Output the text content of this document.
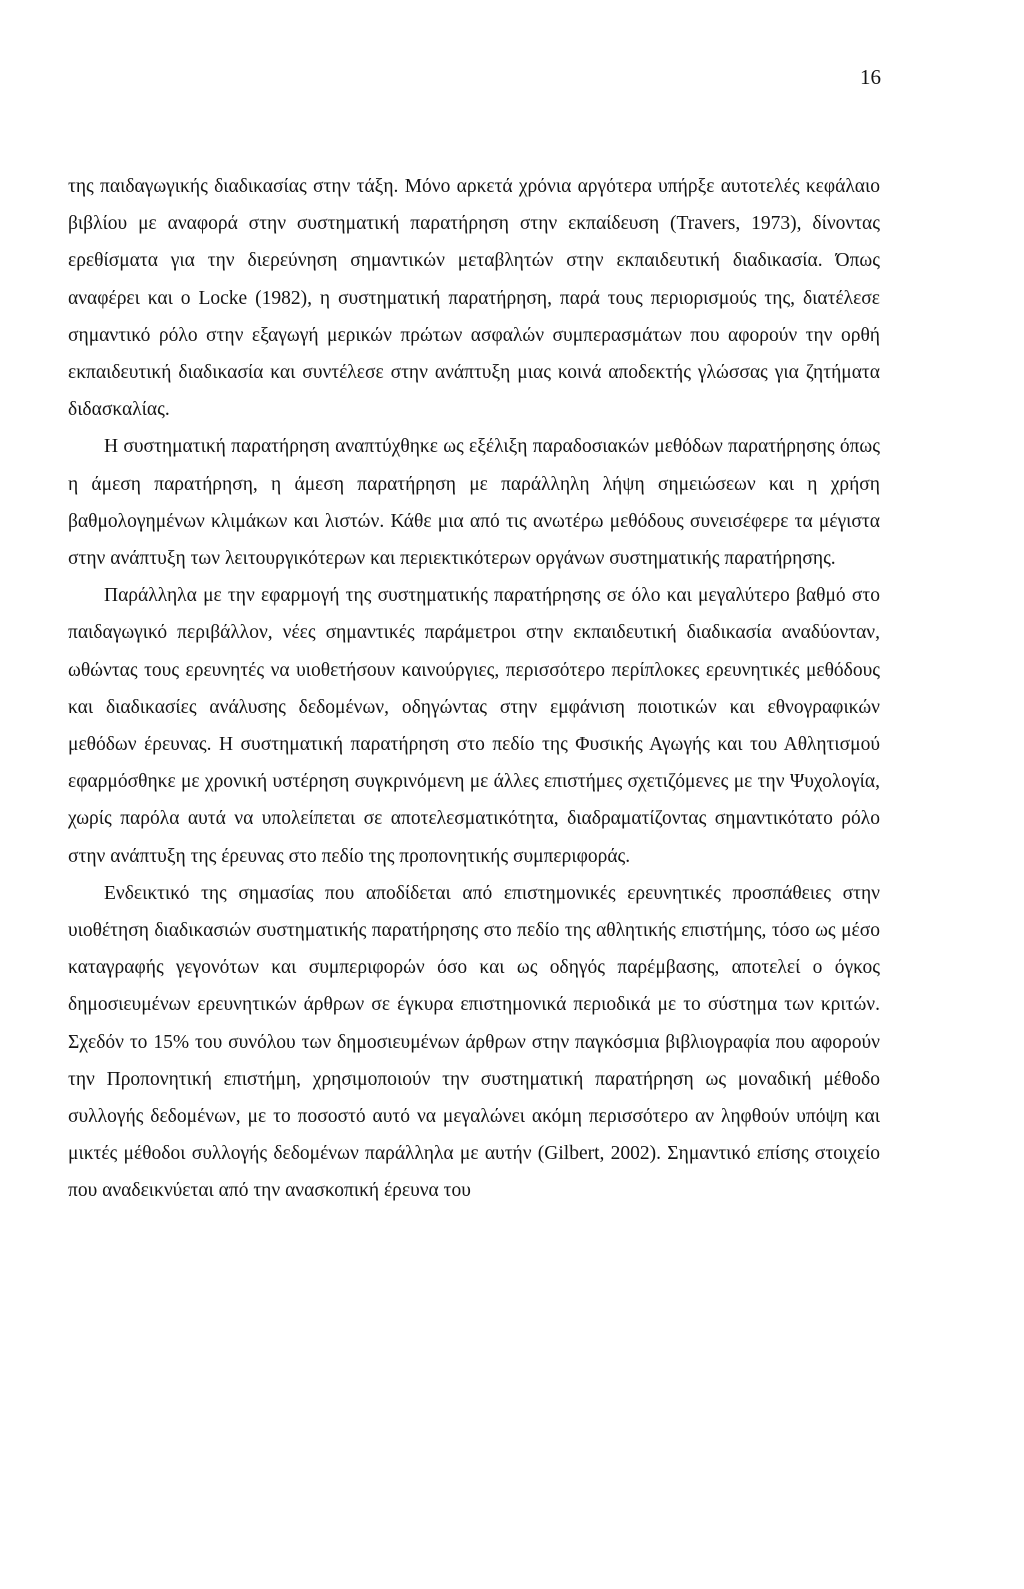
16

της παιδαγωγικής διαδικασίας στην τάξη. Μόνο αρκετά χρόνια αργότερα υπήρξε αυτοτελές κεφάλαιο βιβλίου με αναφορά στην συστηματική παρατήρηση στην εκπαίδευση (Travers, 1973), δίνοντας ερεθίσματα για την διερεύνηση σημαντικών μεταβλητών στην εκπαιδευτική διαδικασία. Όπως αναφέρει και ο Locke (1982), η συστηματική παρατήρηση, παρά τους περιορισμούς της, διατέλεσε σημαντικό ρόλο στην εξαγωγή μερικών πρώτων ασφαλών συμπερασμάτων που αφορούν την ορθή εκπαιδευτική διαδικασία και συντέλεσε στην ανάπτυξη μιας κοινά αποδεκτής γλώσσας για ζητήματα διδασκαλίας.

Η συστηματική παρατήρηση αναπτύχθηκε ως εξέλιξη παραδοσιακών μεθόδων παρατήρησης όπως η άμεση παρατήρηση, η άμεση παρατήρηση με παράλληλη λήψη σημειώσεων και η χρήση βαθμολογημένων κλιμάκων και λιστών. Κάθε μια από τις ανωτέρω μεθόδους συνεισέφερε τα μέγιστα στην ανάπτυξη των λειτουργικότερων και περιεκτικότερων οργάνων συστηματικής παρατήρησης.

Παράλληλα με την εφαρμογή της συστηματικής παρατήρησης σε όλο και μεγαλύτερο βαθμό στο παιδαγωγικό περιβάλλον, νέες σημαντικές παράμετροι στην εκπαιδευτική διαδικασία αναδύονταν, ωθώντας τους ερευνητές να υιοθετήσουν καινούργιες, περισσότερο περίπλοκες ερευνητικές μεθόδους και διαδικασίες ανάλυσης δεδομένων, οδηγώντας στην εμφάνιση ποιοτικών και εθνογραφικών μεθόδων έρευνας. Η συστηματική παρατήρηση στο πεδίο της Φυσικής Αγωγής και του Αθλητισμού εφαρμόσθηκε με χρονική υστέρηση συγκρινόμενη με άλλες επιστήμες σχετιζόμενες με την Ψυχολογία, χωρίς παρόλα αυτά να υπολείπεται σε αποτελεσματικότητα, διαδραματίζοντας σημαντικότατο ρόλο στην ανάπτυξη της έρευνας στο πεδίο της προπονητικής συμπεριφοράς.

Ενδεικτικό της σημασίας που αποδίδεται από επιστημονικές ερευνητικές προσπάθειες στην υιοθέτηση διαδικασιών συστηματικής παρατήρησης στο πεδίο της αθλητικής επιστήμης, τόσο ως μέσο καταγραφής γεγονότων και συμπεριφορών όσο και ως οδηγός παρέμβασης, αποτελεί ο όγκος δημοσιευμένων ερευνητικών άρθρων σε έγκυρα επιστημονικά περιοδικά με το σύστημα των κριτών. Σχεδόν το 15% του συνόλου των δημοσιευμένων άρθρων στην παγκόσμια βιβλιογραφία που αφορούν την Προπονητική επιστήμη, χρησιμοποιούν την συστηματική παρατήρηση ως μοναδική μέθοδο συλλογής δεδομένων, με το ποσοστό αυτό να μεγαλώνει ακόμη περισσότερο αν ληφθούν υπόψη και μικτές μέθοδοι συλλογής δεδομένων παράλληλα με αυτήν (Gilbert, 2002). Σημαντικό επίσης στοιχείο που αναδεικνύεται από την ανασκοπική έρευνα του
